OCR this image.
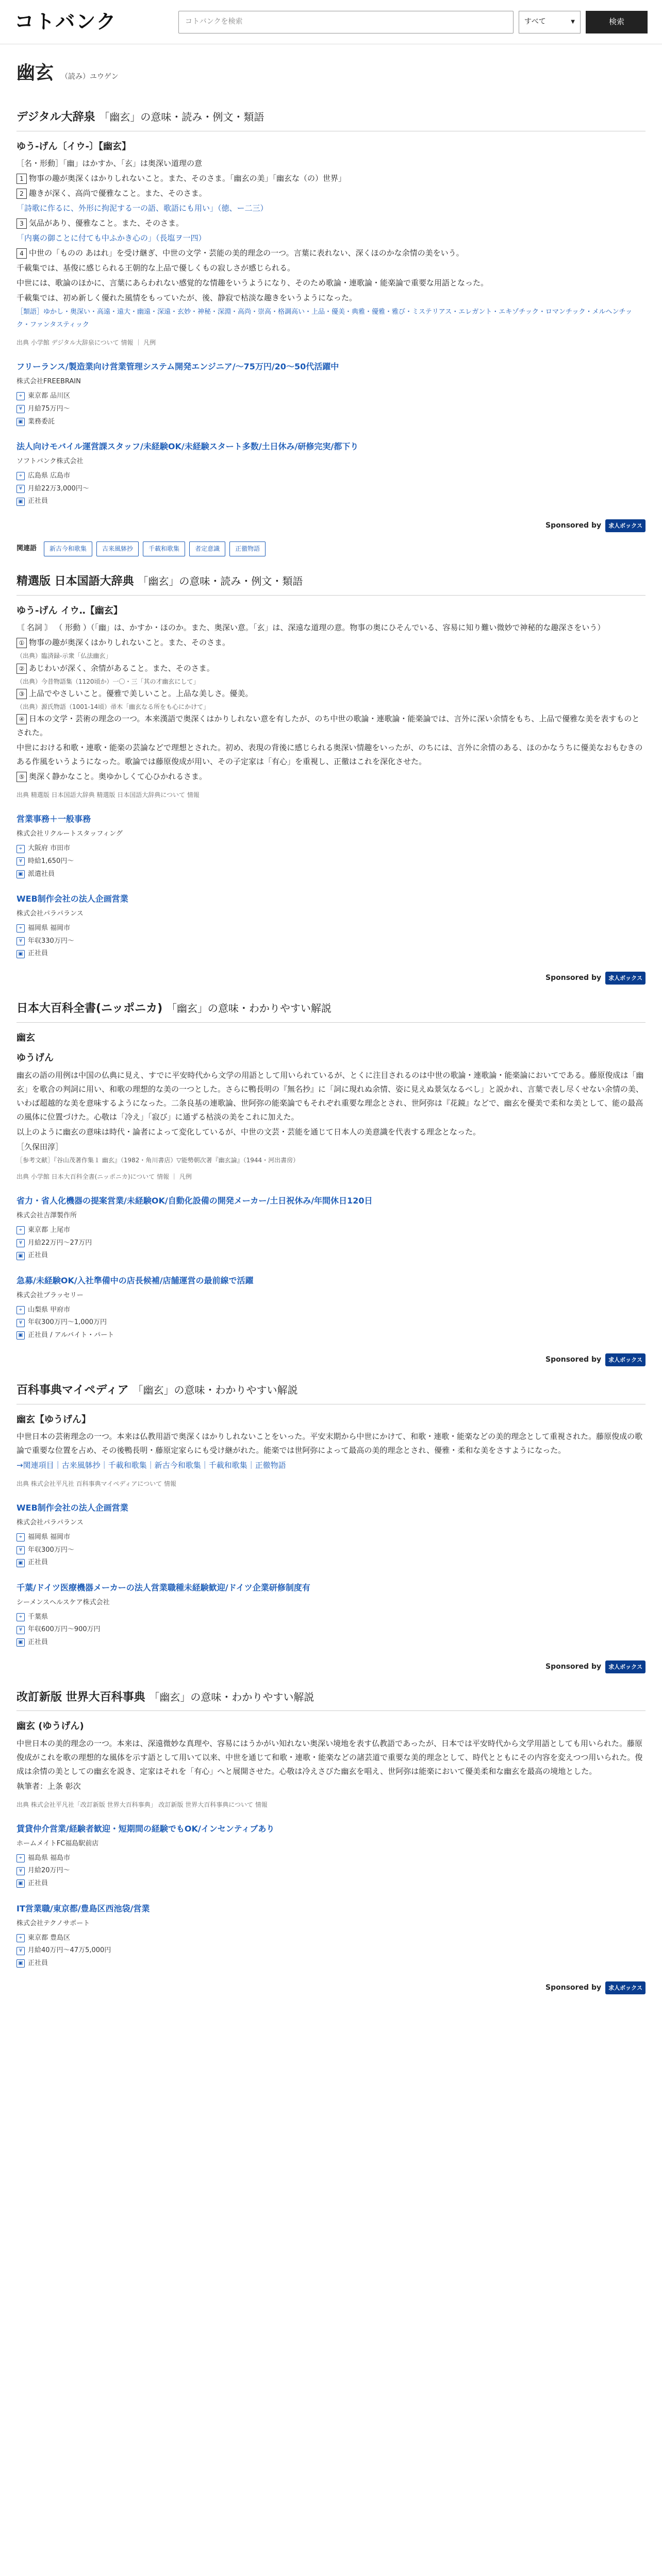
コトバンク	コトバンクを検索	すべて	▼	検索
幽玄 （読み）ユウゲン
デジタル大辞泉 「幽玄」の意味・読み・例文・類語
ゆう‐げん〔イウ‐〕【幽玄】
［名・形動］「幽」はかすか、「玄」は奥深い道理の意
1 物事の趣が奥深くはかりしれないこと。また、そのさま。「幽玄の美」「幽玄な（の）世界」
2 趣きが深く、高尚で優雅なこと。また、そのさま。
「詩歌に作るに、外形に拘泥する一の語、歌語にも用い」（徳、ー二三）
3 気品があり、優雅なこと。また、そのさま。
「内裏の御ことに付ても中ふかき心の」（長塩ヲ一四）
4 中世の「ものの あはれ」を受け継ぎ、中世の文学・芸能の美的理念の一つ。言葉に表れない、深くほのかな余情の美をいう。
千載集では、基俊に感じられる王朝的な上品で優しくもの寂しさが感じられる。
中世には、歌論のほかに、言葉にあらわれない感覚的な情趣をいうようになり、そのため歌論・連歌論・能楽論で重要な用語となった。
千載集では、初め新しく優れた風情をもっていたが、後、静寂で枯淡な趣きをいうようになった。
［類語］ゆかし・奥深い・高遠・遠大・幽遠・深遠・玄妙・神秘・深淵・高尚・崇高・格調高い・上品・優美・典雅・優雅・雅び・ミステリアス・エレガント・エキゾチック・ロマンチック・メルヘンチック・ファンタスティック
出典 小学館 デジタル大辞泉について 情報 ｜ 凡例
フリーランス/製造業向け営業管理システム開発エンジニア/～75万円/20～50代活躍中
株式会社FREEBRAIN
⌖ 東京都 品川区
¥ 月給75万円～
▣ 業務委託
法人向けモバイル運営課スタッフ/未経験OK/未経験スタート多数/土日休み/研修完実/都下り
ソフトバンク株式会社
⌖ 広島県 広島市
¥ 月給22万3,000円～
▣ 正社員
Sponsored by	求人ボックス
関連語	新古今和歌集	古来風躰抄	千載和歌集	者定意識	正徹物語
精選版 日本国語大辞典 「幽玄」の意味・読み・例文・類語
ゆう‐げん イウ‥【幽玄】
〘 名詞 〙 （ 形動 ）（「幽」は、かすか・ほのか。また、奥深い意。「玄」は、深遠な道理の意。物事の奥にひそんでいる、容易に知り難い微妙で神秘的な趣深さをいう）
① 物事の趣が奥深くはかりしれないこと。また、そのさま。
（出典）臨済録‐示衆「仏法幽玄」
② あじわいが深く、余情があること。また、そのさま。
（出典）今昔物語集（1120頃か）一〇・三「其の才幽玄にして」
③ 上品でやさしいこと。優雅で美しいこと。上品な美しさ。優美。
（出典）源氏物語（1001‐14頃）帚木「幽玄なる所をも心にかけて」
④ 日本の文学・芸術の理念の一つ。本来漢語で奥深くはかりしれない意を有したが、のち中世の歌論・連歌論・能楽論では、言外に深い余情をもち、上品で優雅な美を表すものとされた。
中世における和歌・連歌・能楽の芸論などで理想とされた。初め、表現の背後に感じられる奥深い情趣をいったが、のちには、言外に余情のある、ほのかなうちに優美なおもむきのある作風をいうようになった。歌論では藤原俊成が用い、その子定家は「有心」を重視し、正徹はこれを深化させた。
⑤ 奥深く静かなこと。奥ゆかしくて心ひかれるさま。
出典 精選版 日本国語大辞典 精選版 日本国語大辞典について 情報
営業事務＋一般事務
株式会社リクルートスタッフィング
⌖ 大阪府 市田市
¥ 時給1,650円～
▣ 派遣社員
WEB制作会社の法人企画営業
株式会社パラパランス
⌖ 福岡県 福岡市
¥ 年収330万円～
▣ 正社員
Sponsored by	求人ボックス
日本大百科全書(ニッポニカ) 「幽玄」の意味・わかりやすい解説
幽玄
ゆうげん
幽玄の語の用例は中国の仏典に見え、すでに平安時代から文学の用語として用いられているが、とくに注目されるのは中世の歌論・連歌論・能楽論においてである。藤原俊成は「幽玄」を歌合の判詞に用い、和歌の理想的な美の一つとした。さらに鴨長明の『無名抄』に「詞に現れぬ余情、姿に見えぬ景気なるべし」と説かれ、言葉で表し尽くせない余情の美、いわば超越的な美を意味するようになった。二条良基の連歌論、世阿弥の能楽論でもそれぞれ重要な理念とされ、世阿弥は『花鏡』などで、幽玄を優美で柔和な美として、能の最高の風体に位置づけた。心敬は「冷え」「寂び」に通ずる枯淡の美をこれに加えた。
以上のように幽玄の意味は時代・論者によって変化しているが、中世の文芸・芸能を通じて日本人の美意識を代表する理念となった。
［久保田淳］
［参考文献］『谷山茂著作集１ 幽玄』（1982・角川書店）▽能勢朝次著『幽玄論』（1944・河出書房）
出典 小学館 日本大百科全書(ニッポニカ)について 情報 ｜ 凡例
省力・省人化機器の提案営業/未経験OK/自動化設備の開発メーカー/土日祝休み/年間休日120日
株式会社吉澤製作所
⌖ 東京都 上尾市
¥ 月給22万円～27万円
▣ 正社員
急募/未経験OK/入社準備中の店長候補/店舗運営の最前線で活躍
株式会社ブラッセリー
⌖ 山梨県 甲府市
¥ 年収300万円～1,000万円
▣ 正社員 / アルバイト・パート
Sponsored by	求人ボックス
百科事典マイペディア 「幽玄」の意味・わかりやすい解説
幽玄【ゆうげん】
中世日本の芸術理念の一つ。本来は仏教用語で奥深くはかりしれないことをいった。平安末期から中世にかけて、和歌・連歌・能楽などの美的理念として重視された。藤原俊成の歌論で重要な位置を占め、その後鴨長明・藤原定家らにも受け継がれた。能楽では世阿弥によって最高の美的理念とされ、優雅・柔和な美をさすようになった。
→関連項目｜古来風躰抄｜千載和歌集｜新古今和歌集｜千載和歌集｜正徹物語
出典 株式会社平凡社 百科事典マイペディアについて 情報
WEB制作会社の法人企画営業
株式会社パラパランス
⌖ 福岡県 福岡市
¥ 年収300万円～
▣ 正社員
千葉/ドイツ医療機器メーカーの法人営業職種未経験歓迎/ドイツ企業研修制度有
シーメンスヘルスケア株式会社
⌖ 千葉県
¥ 年収600万円～900万円
▣ 正社員
Sponsored by	求人ボックス
改訂新版 世界大百科事典 「幽玄」の意味・わかりやすい解説
幽玄 (ゆうげん)
中世日本の美的理念の一つ。本来は、深遠微妙な真理や、容易にはうかがい知れない奥深い境地を表す仏教語であったが、日本では平安時代から文学用語としても用いられた。藤原俊成がこれを歌の理想的な風体を示す語として用いて以来、中世を通じて和歌・連歌・能楽などの諸芸道で重要な美的理念として、時代とともにその内容を変えつつ用いられた。俊成は余情の美としての幽玄を説き、定家はそれを「有心」へと展開させた。心敬は冷えさびた幽玄を唱え、世阿弥は能楽において優美柔和な幽玄を最高の境地とした。
執筆者：上条 彰次
出典 株式会社平凡社「改訂新版 世界大百科事典」 改訂新版 世界大百科事典について 情報
賃貸仲介営業/経験者歓迎・短期間の経験でもOK/インセンティブあり
ホームメイトFC福島駅前店
⌖ 福島県 福島市
¥ 月給20万円～
▣ 正社員
IT営業職/東京都/豊島区西池袋/営業
株式会社テクノサポート
⌖ 東京都 豊島区
¥ 月給40万円～47万5,000円
▣ 正社員
Sponsored by	求人ボックス
